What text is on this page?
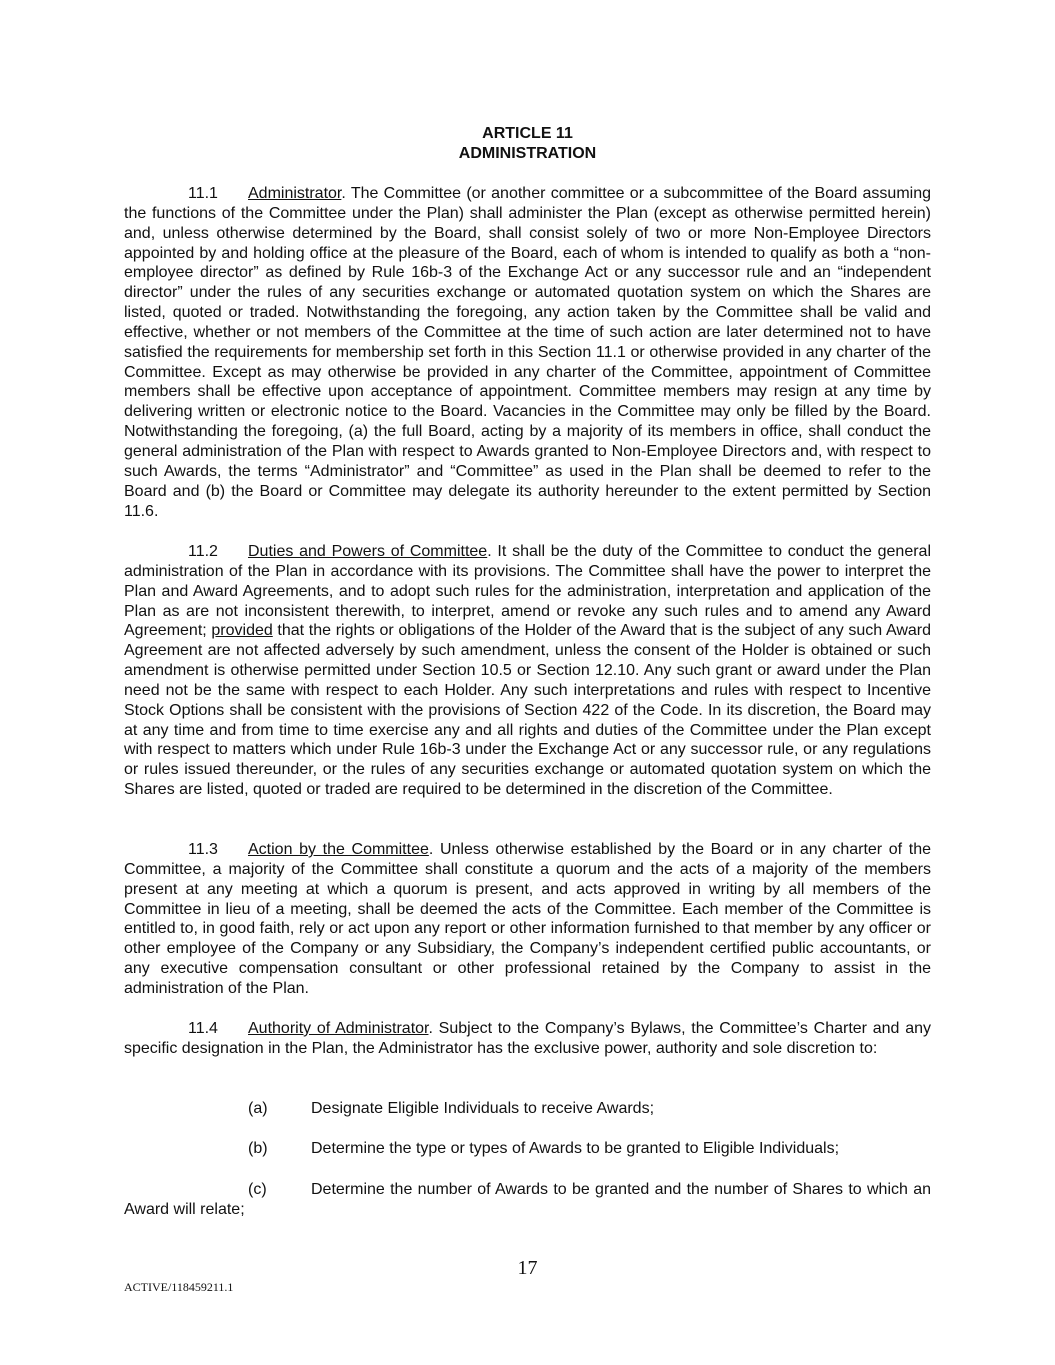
ARTICLE 11
ADMINISTRATION
11.1 Administrator. The Committee (or another committee or a subcommittee of the Board assuming the functions of the Committee under the Plan) shall administer the Plan (except as otherwise permitted herein) and, unless otherwise determined by the Board, shall consist solely of two or more Non-Employee Directors appointed by and holding office at the pleasure of the Board, each of whom is intended to qualify as both a “non-employee director” as defined by Rule 16b-3 of the Exchange Act or any successor rule and an “independent director” under the rules of any securities exchange or automated quotation system on which the Shares are listed, quoted or traded. Notwithstanding the foregoing, any action taken by the Committee shall be valid and effective, whether or not members of the Committee at the time of such action are later determined not to have satisfied the requirements for membership set forth in this Section 11.1 or otherwise provided in any charter of the Committee. Except as may otherwise be provided in any charter of the Committee, appointment of Committee members shall be effective upon acceptance of appointment. Committee members may resign at any time by delivering written or electronic notice to the Board. Vacancies in the Committee may only be filled by the Board. Notwithstanding the foregoing, (a) the full Board, acting by a majority of its members in office, shall conduct the general administration of the Plan with respect to Awards granted to Non-Employee Directors and, with respect to such Awards, the terms “Administrator” and “Committee” as used in the Plan shall be deemed to refer to the Board and (b) the Board or Committee may delegate its authority hereunder to the extent permitted by Section 11.6.
11.2 Duties and Powers of Committee. It shall be the duty of the Committee to conduct the general administration of the Plan in accordance with its provisions. The Committee shall have the power to interpret the Plan and Award Agreements, and to adopt such rules for the administration, interpretation and application of the Plan as are not inconsistent therewith, to interpret, amend or revoke any such rules and to amend any Award Agreement; provided that the rights or obligations of the Holder of the Award that is the subject of any such Award Agreement are not affected adversely by such amendment, unless the consent of the Holder is obtained or such amendment is otherwise permitted under Section 10.5 or Section 12.10. Any such grant or award under the Plan need not be the same with respect to each Holder. Any such interpretations and rules with respect to Incentive Stock Options shall be consistent with the provisions of Section 422 of the Code. In its discretion, the Board may at any time and from time to time exercise any and all rights and duties of the Committee under the Plan except with respect to matters which under Rule 16b-3 under the Exchange Act or any successor rule, or any regulations or rules issued thereunder, or the rules of any securities exchange or automated quotation system on which the Shares are listed, quoted or traded are required to be determined in the discretion of the Committee.
11.3 Action by the Committee. Unless otherwise established by the Board or in any charter of the Committee, a majority of the Committee shall constitute a quorum and the acts of a majority of the members present at any meeting at which a quorum is present, and acts approved in writing by all members of the Committee in lieu of a meeting, shall be deemed the acts of the Committee. Each member of the Committee is entitled to, in good faith, rely or act upon any report or other information furnished to that member by any officer or other employee of the Company or any Subsidiary, the Company’s independent certified public accountants, or any executive compensation consultant or other professional retained by the Company to assist in the administration of the Plan.
11.4 Authority of Administrator. Subject to the Company’s Bylaws, the Committee’s Charter and any specific designation in the Plan, the Administrator has the exclusive power, authority and sole discretion to:
(a)	Designate Eligible Individuals to receive Awards;
(b)	Determine the type or types of Awards to be granted to Eligible Individuals;
(c)	Determine the number of Awards to be granted and the number of Shares to which an Award will relate;
17
ACTIVE/118459211.1
